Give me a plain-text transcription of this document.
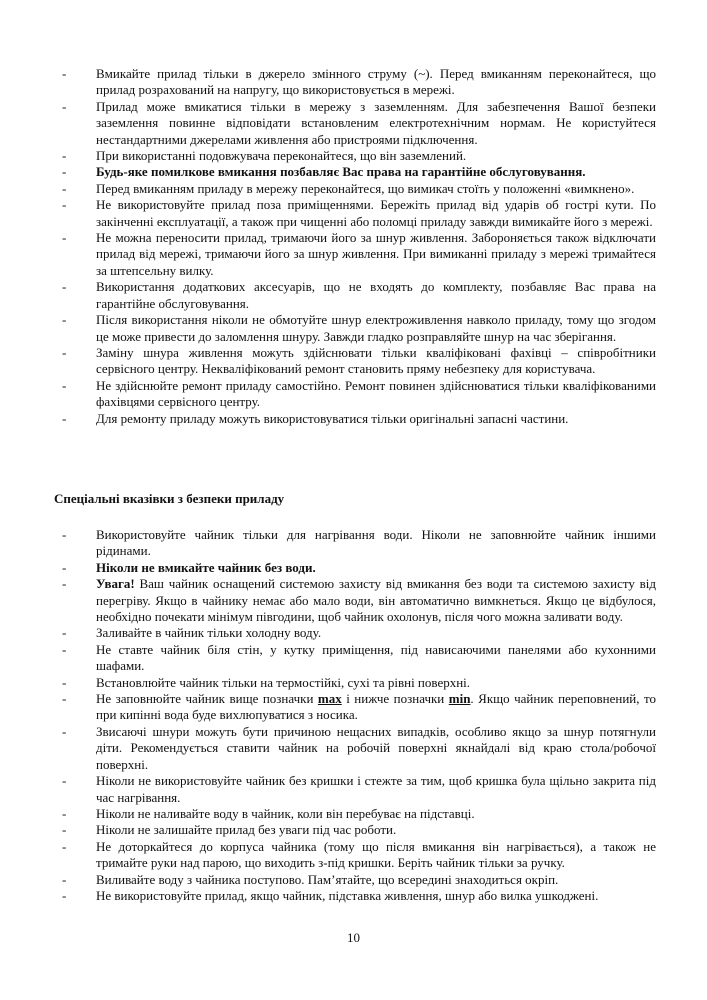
- Вмикайте прилад тільки в джерело змінного струму (~). Перед вмиканням переконайтеся, що прилад розрахований на напругу, що використовується в мережі.
- Прилад може вмикатися тільки в мережу з заземленням. Для забезпечення Вашої безпеки заземлення повинне відповідати встановленим електротехнічним нормам. Не користуйтеся нестандартними джерелами живлення або пристроями підключення.
- При використанні подовжувача переконайтеся, що він заземлений.
- Будь-яке помилкове вмикання позбавляє Вас права на гарантійне обслуговування.
- Перед вмиканням приладу в мережу переконайтеся, що вимикач стоїть у положенні «вимкнено».
- Не використовуйте прилад поза приміщеннями. Бережіть прилад від ударів об гострі кути. По закінченні експлуатації, а також при чищенні або поломці приладу завжди вимикайте його з мережі.
- Не можна переносити прилад, тримаючи його за шнур живлення. Забороняється також відключати прилад від мережі, тримаючи його за шнур живлення. При вимиканні приладу з мережі тримайтеся за штепсельну вилку.
- Використання додаткових аксесуарів, що не входять до комплекту, позбавляє Вас права на гарантійне обслуговування.
- Після використання ніколи не обмотуйте шнур електроживлення навколо приладу, тому що згодом це може привести до заломлення шнуру. Завжди гладко розправляйте шнур на час зберігання.
- Заміну шнура живлення можуть здійснювати тільки кваліфіковані фахівці – співробітники сервісного центру. Некваліфікований ремонт становить пряму небезпеку для користувача.
- Не здійснюйте ремонт приладу самостійно. Ремонт повинен здійснюватися тільки кваліфікованими фахівцями сервісного центру.
- Для ремонту приладу можуть використовуватися тільки оригінальні запасні частини.
Спеціальні вказівки з безпеки приладу
- Використовуйте чайник тільки для нагрівання води. Ніколи не заповнюйте чайник іншими рідинами.
- Ніколи не вмикайте чайник без води.
- Увага! Ваш чайник оснащений системою захисту від вмикання без води та системою захисту від перегріву. Якщо в чайнику немає або мало води, він автоматично вимкнеться. Якщо це відбулося, необхідно почекати мінімум півгодини, щоб чайник охолонув, після чого можна заливати воду.
- Заливайте в чайник тільки холодну воду.
- Не ставте чайник біля стін, у кутку приміщення, під нависаючими панелями або кухонними шафами.
- Встановлюйте чайник тільки на термостійкі, сухі та рівні поверхні.
- Не заповнюйте чайник вище позначки max і нижче позначки min. Якщо чайник переповнений, то при кипінні вода буде вихлюпуватися з носика.
- Звисаючі шнури можуть бути причиною нещасних випадків, особливо якщо за шнур потягнули діти. Рекомендується ставити чайник на робочій поверхні якнайдалі від краю стола/робочої поверхні.
- Ніколи не використовуйте чайник без кришки і стежте за тим, щоб кришка була щільно закрита під час нагрівання.
- Ніколи не наливайте воду в чайник, коли він перебуває на підставці.
- Ніколи не залишайте прилад без уваги під час роботи.
- Не доторкайтеся до корпуса чайника (тому що після вмикання він нагрівається), а також не тримайте руки над парою, що виходить з-під кришки. Беріть чайник тільки за ручку.
- Виливайте воду з чайника поступово. Пам’ятайте, що всередині знаходиться окріп.
- Не використовуйте прилад, якщо чайник, підставка живлення, шнур або вилка ушкоджені.
10
